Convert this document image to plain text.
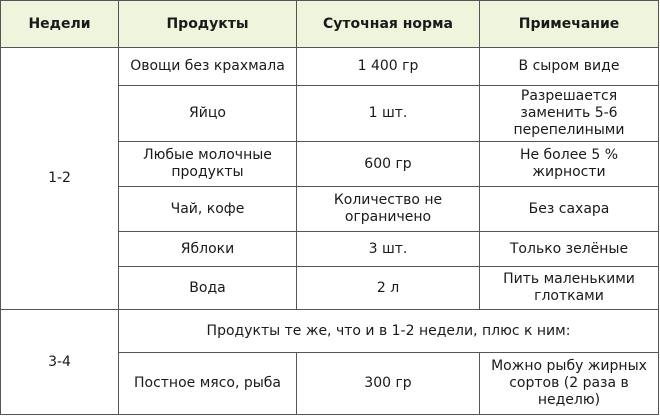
Недели	Продукты	Суточная норма	Примечание
1-2	Овощи без крахмала	1 400 гр	В сыром виде
	Яйцо	1 шт.	Разрешается заменить 5-6 перепелиными
	Любые молочные продукты	600 гр	Не более 5 % жирности
	Чай, кофе	Количество не ограничено	Без сахара
	Яблоки	3 шт.	Только зелёные
	Вода	2 л	Пить маленькими глотками
3-4	Продукты те же, что и в 1-2 недели, плюс к ним:		
	Постное мясо, рыба	300 гр	Можно рыбу жирных сортов (2 раза в неделю)
